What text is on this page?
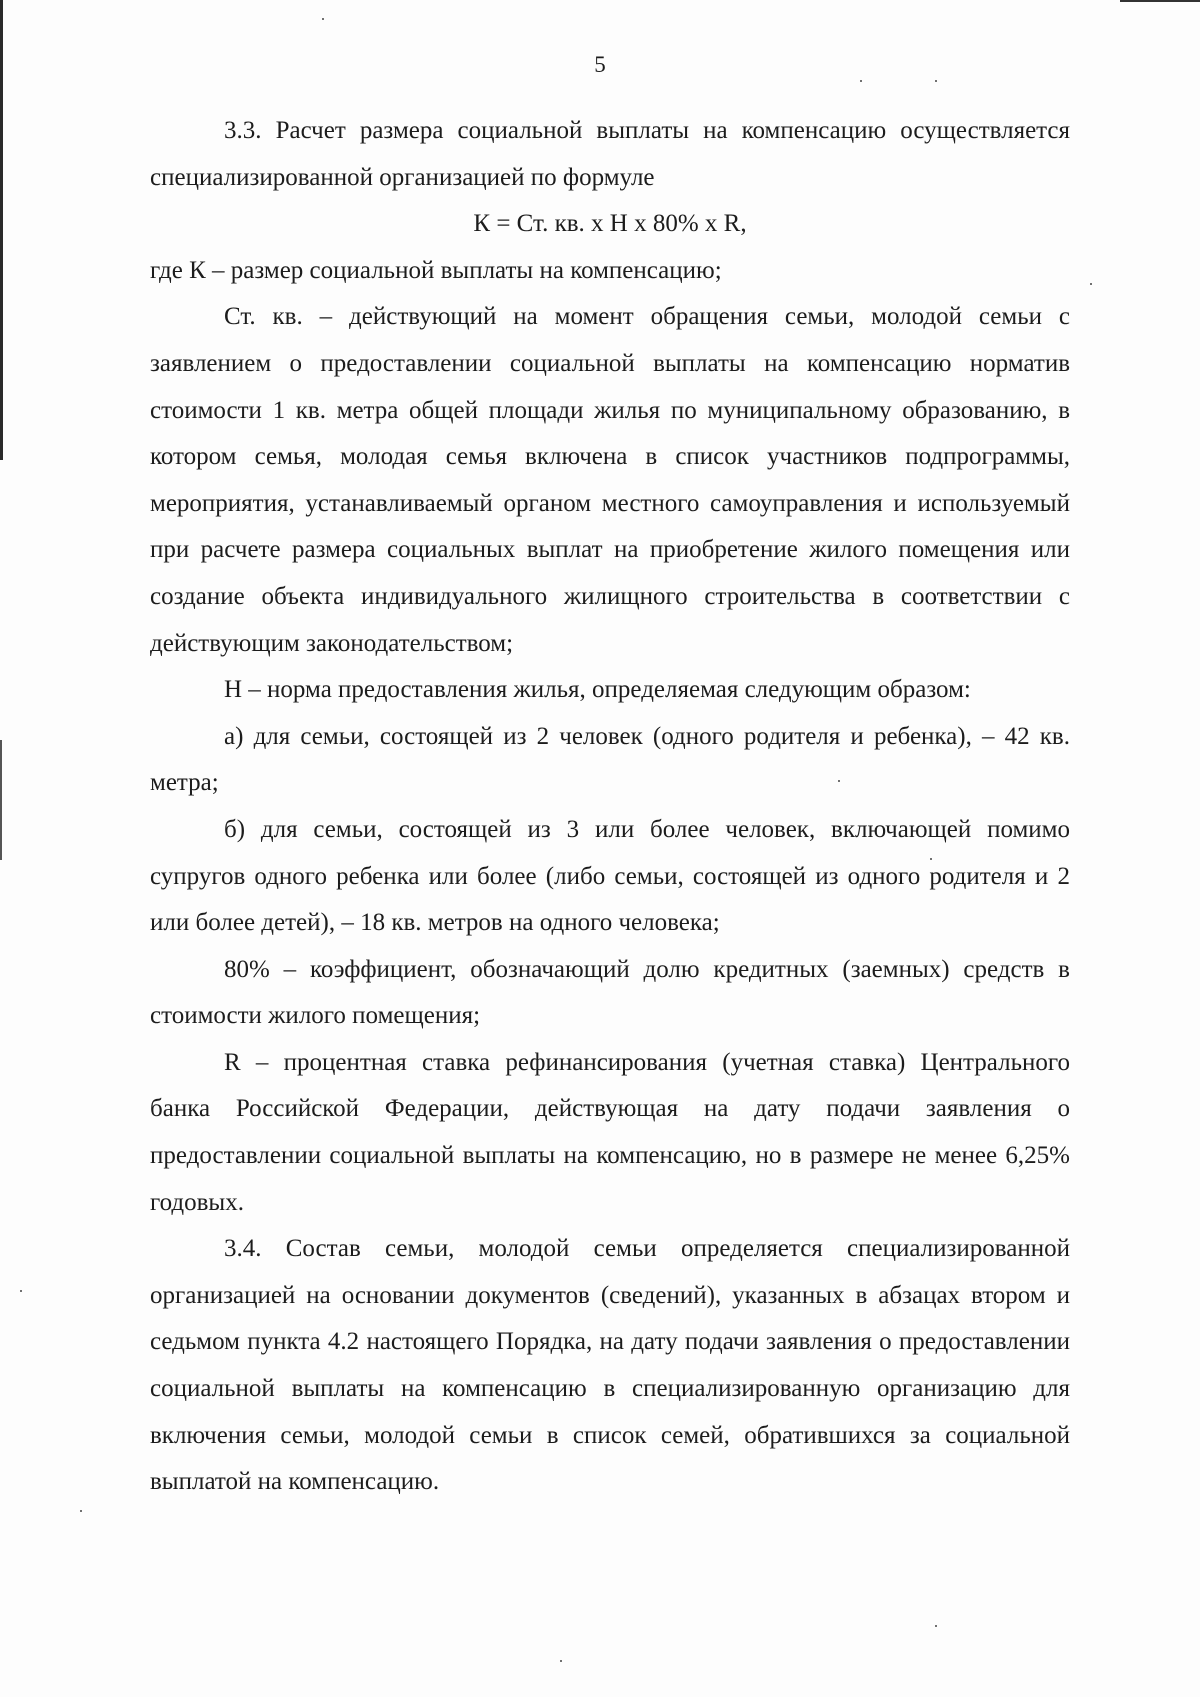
5

3.3. Расчет размера социальной выплаты на компенсацию осуществляется специализированной организацией по формуле

К = Ст. кв. х Н х 80% х R,

где К – размер социальной выплаты на компенсацию;

Ст. кв. – действующий на момент обращения семьи, молодой семьи с заявлением о предоставлении социальной выплаты на компенсацию норматив стоимости 1 кв. метра общей площади жилья по муниципальному образованию, в котором семья, молодая семья включена в список участников подпрограммы, мероприятия, устанавливаемый органом местного самоуправления и используемый при расчете размера социальных выплат на приобретение жилого помещения или создание объекта индивидуального жилищного строительства в соответствии с действующим законодательством;

Н – норма предоставления жилья, определяемая следующим образом:

а) для семьи, состоящей из 2 человек (одного родителя и ребенка), – 42 кв. метра;

б) для семьи, состоящей из 3 или более человек, включающей помимо супругов одного ребенка или более (либо семьи, состоящей из одного родителя и 2 или более детей), – 18 кв. метров на одного человека;

80% – коэффициент, обозначающий долю кредитных (заемных) средств в стоимости жилого помещения;

R – процентная ставка рефинансирования (учетная ставка) Центрального банка Российской Федерации, действующая на дату подачи заявления о предоставлении социальной выплаты на компенсацию, но в размере не менее 6,25% годовых.

3.4. Состав семьи, молодой семьи определяется специализированной организацией на основании документов (сведений), указанных в абзацах втором и седьмом пункта 4.2 настоящего Порядка, на дату подачи заявления о предоставлении социальной выплаты на компенсацию в специализированную организацию для включения семьи, молодой семьи в список семей, обратившихся за социальной выплатой на компенсацию.
